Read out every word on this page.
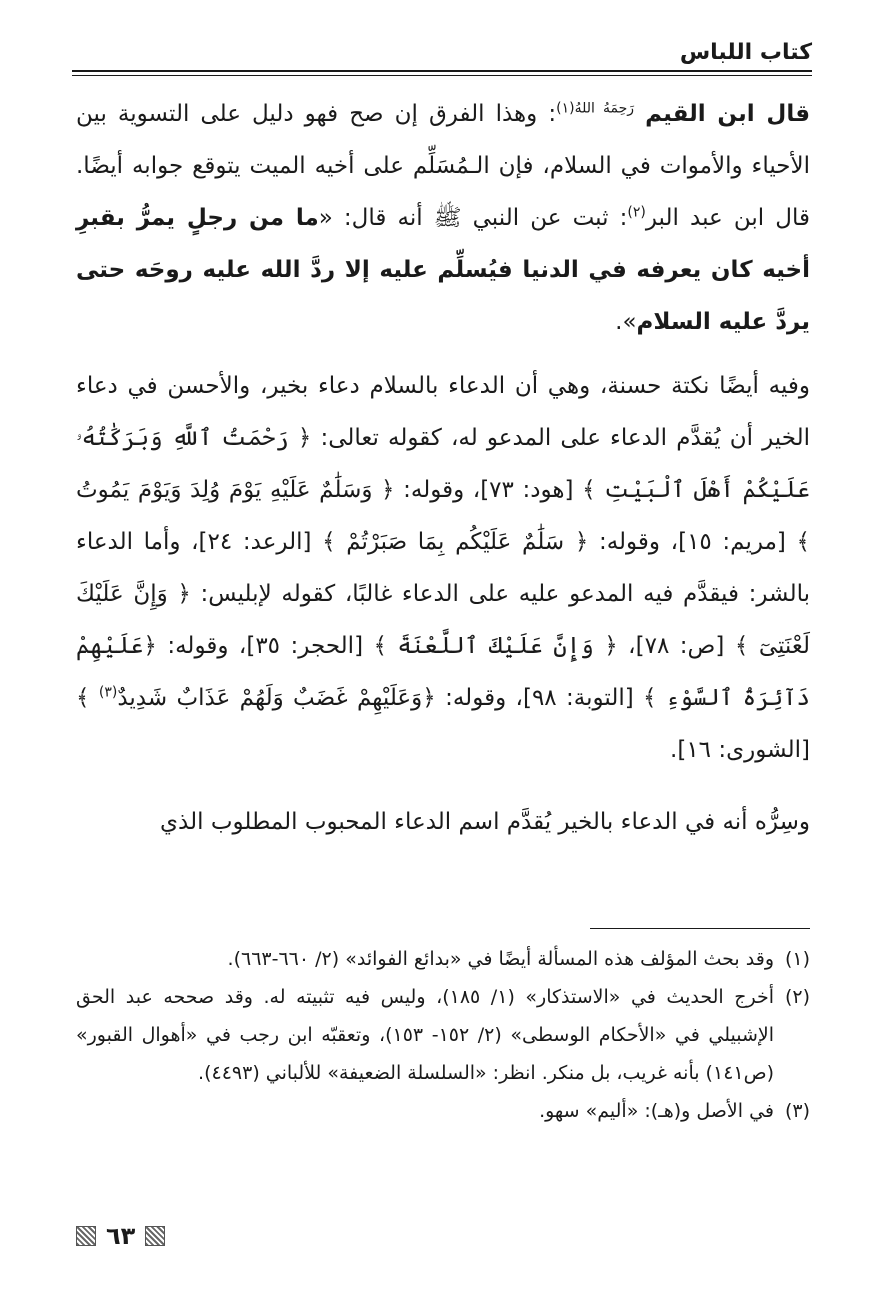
كتاب اللباس

قال ابن القيم $^{رَحِمَهُ اللهُ(١)}$: وهذا الفرق إن صح فهو دليل على التسوية بين الأحياء والأموات في السلام، فإن الـمُسَلِّم على أخيه الميت يتوقع جوابه أيضًا. قال ابن عبد البر$^{(٢)}$: ثبت عن النبي ﷺ أنه قال: «ما من رجلٍ يمرُّ بقبرِ أخيه كان يعرفه في الدنيا فيُسلِّم عليه إلا ردَّ الله عليه روحَه حتى يردَّ عليه السلام».

وفيه أيضًا نكتة حسنة، وهي أن الدعاء بالسلام دعاء بخير، والأحسن في دعاء الخير أن يُقدَّم الدعاء على المدعو له، كقوله تعالى: ﴿ رَحْمَتُ ٱللَّهِ وَبَرَكَٰتُهُۥ عَلَيْكُمْ أَهْلَ ٱلْبَيْتِ ﴾ [هود: ٧٣]، وقوله: ﴿ وَسَلَٰمٌ عَلَيْهِ يَوْمَ وُلِدَ وَيَوْمَ يَمُوتُ ﴾ [مريم: ١٥]، وقوله: ﴿ سَلَٰمٌ عَلَيْكُم بِمَا صَبَرْتُمْ ﴾ [الرعد: ٢٤]، وأما الدعاء بالشر: فيقدَّم فيه المدعو عليه على الدعاء غالبًا، كقوله لإبليس: ﴿ وَإِنَّ عَلَيْكَ لَعْنَتِىٓ ﴾ [ص: ٧٨]، ﴿ وَإِنَّ عَلَيْكَ ٱللَّعْنَةَ ﴾ [الحجر: ٣٥]، وقوله: ﴿عَلَيْهِمْ دَآئِرَةُ ٱلسَّوْءِ ﴾ [التوبة: ٩٨]، وقوله: ﴿وَعَلَيْهِمْ غَضَبٌ وَلَهُمْ عَذَابٌ شَدِيدٌ$^{(٣)}$ ﴾ [الشورى: ١٦].

وسِرُّه أنه في الدعاء بالخير يُقدَّم اسم الدعاء المحبوب المطلوب الذي

(١)
وقد بحث المؤلف هذه المسألة أيضًا في «بدائع الفوائد» (٢/ ٦٦٠-٦٦٣).
(٢)
أخرج الحديث في «الاستذكار» (١/ ١٨٥)، وليس فيه تثبيته له. وقد صححه عبد الحق الإشبيلي في «الأحكام الوسطى» (٢/ ١٥٢- ١٥٣)، وتعقبّه ابن رجب في «أهوال القبور» (ص١٤١) بأنه غريب، بل منكر. انظر: «السلسلة الضعيفة» للألباني (٤٤٩٣).
(٣)
في الأصل و(هـ): «أليم» سهو.
٦٣
